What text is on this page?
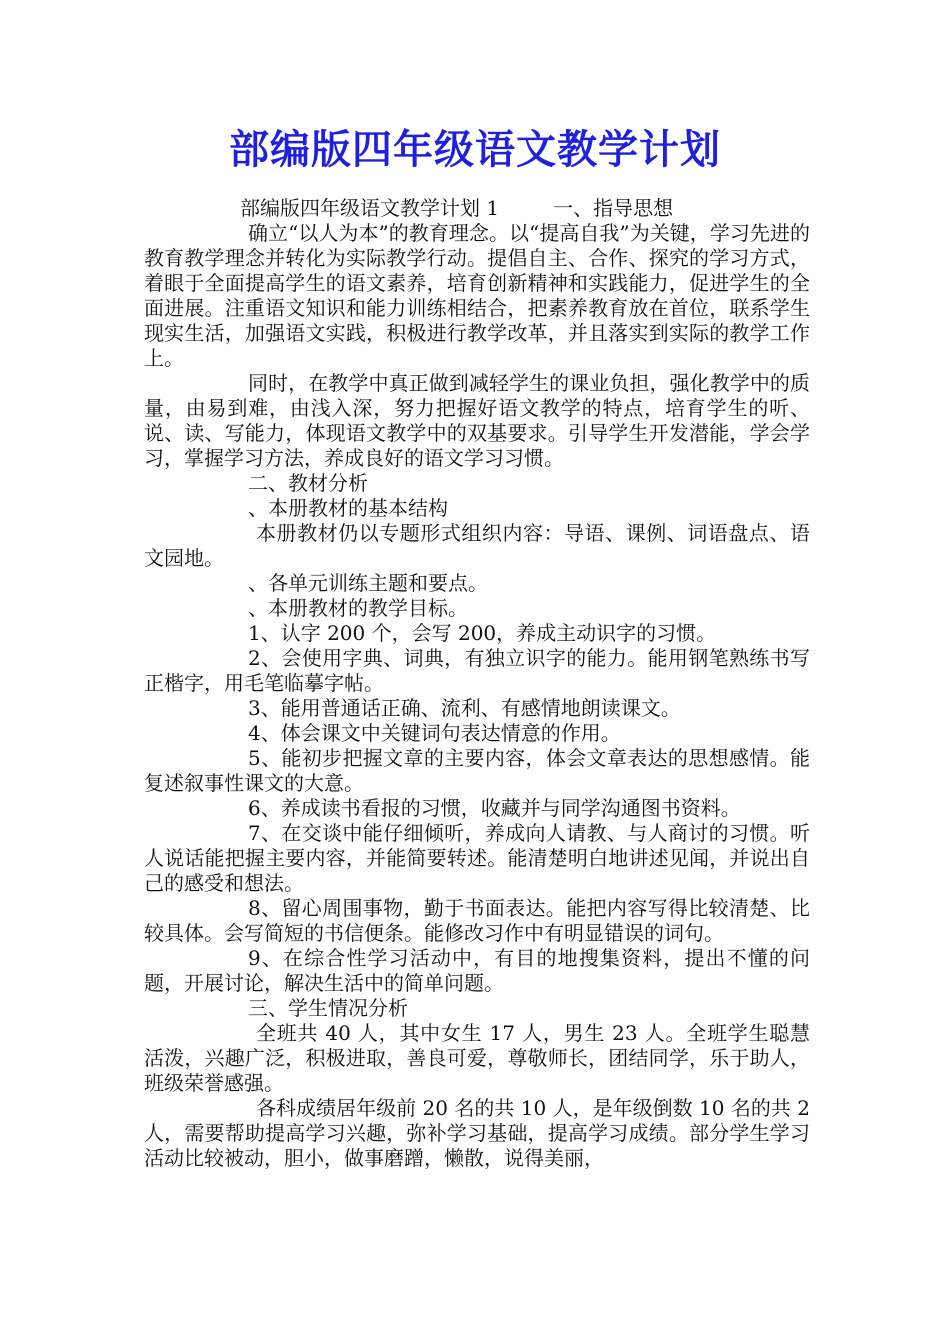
部编版四年级语文教学计划
部编版四年级语文教学计划 1	一、指导思想

确立“以人为本”的教育理念。以“提高自我”为关键，学习先进的教育教学理念并转化为实际教学行动。提倡自主、合作、探究的学习方式，着眼于全面提高学生的语文素养，培育创新精神和实践能力，促进学生的全面进展。注重语文知识和能力训练相结合，把素养教育放在首位，联系学生现实生活，加强语文实践，积极进行教学改革，并且落实到实际的教学工作上。

同时，在教学中真正做到减轻学生的课业负担，强化教学中的质量，由易到难，由浅入深，努力把握好语文教学的特点，培育学生的听、说、读、写能力，体现语文教学中的双基要求。引导学生开发潜能，学会学习，掌握学习方法，养成良好的语文学习习惯。

二、教材分析

、本册教材的基本结构

本册教材仍以专题形式组织内容：导语、课例、词语盘点、语文园地。

、各单元训练主题和要点。

、本册教材的教学目标。

1、认字 200 个，会写 200，养成主动识字的习惯。

2、会使用字典、词典，有独立识字的能力。能用钢笔熟练书写正楷字，用毛笔临摹字帖。

3、能用普通话正确、流利、有感情地朗读课文。

4、体会课文中关键词句表达情意的作用。

5、能初步把握文章的主要内容，体会文章表达的思想感情。能复述叙事性课文的大意。

6、养成读书看报的习惯，收藏并与同学沟通图书资料。

7、在交谈中能仔细倾听，养成向人请教、与人商讨的习惯。听人说话能把握主要内容，并能简要转述。能清楚明白地讲述见闻，并说出自己的感受和想法。

8、留心周围事物，勤于书面表达。能把内容写得比较清楚、比较具体。会写简短的书信便条。能修改习作中有明显错误的词句。

9、在综合性学习活动中，有目的地搜集资料，提出不懂的问题，开展讨论，解决生活中的简单问题。

三、学生情况分析

全班共 40 人，其中女生 17 人，男生 23 人。全班学生聪慧活泼，兴趣广泛，积极进取，善良可爱，尊敬师长，团结同学，乐于助人，班级荣誉感强。

各科成绩居年级前 20 名的共 10 人，是年级倒数 10 名的共 2 人，需要帮助提高学习兴趣，弥补学习基础，提高学习成绩。部分学生学习活动比较被动，胆小，做事磨蹭，懒散，说得美丽，
